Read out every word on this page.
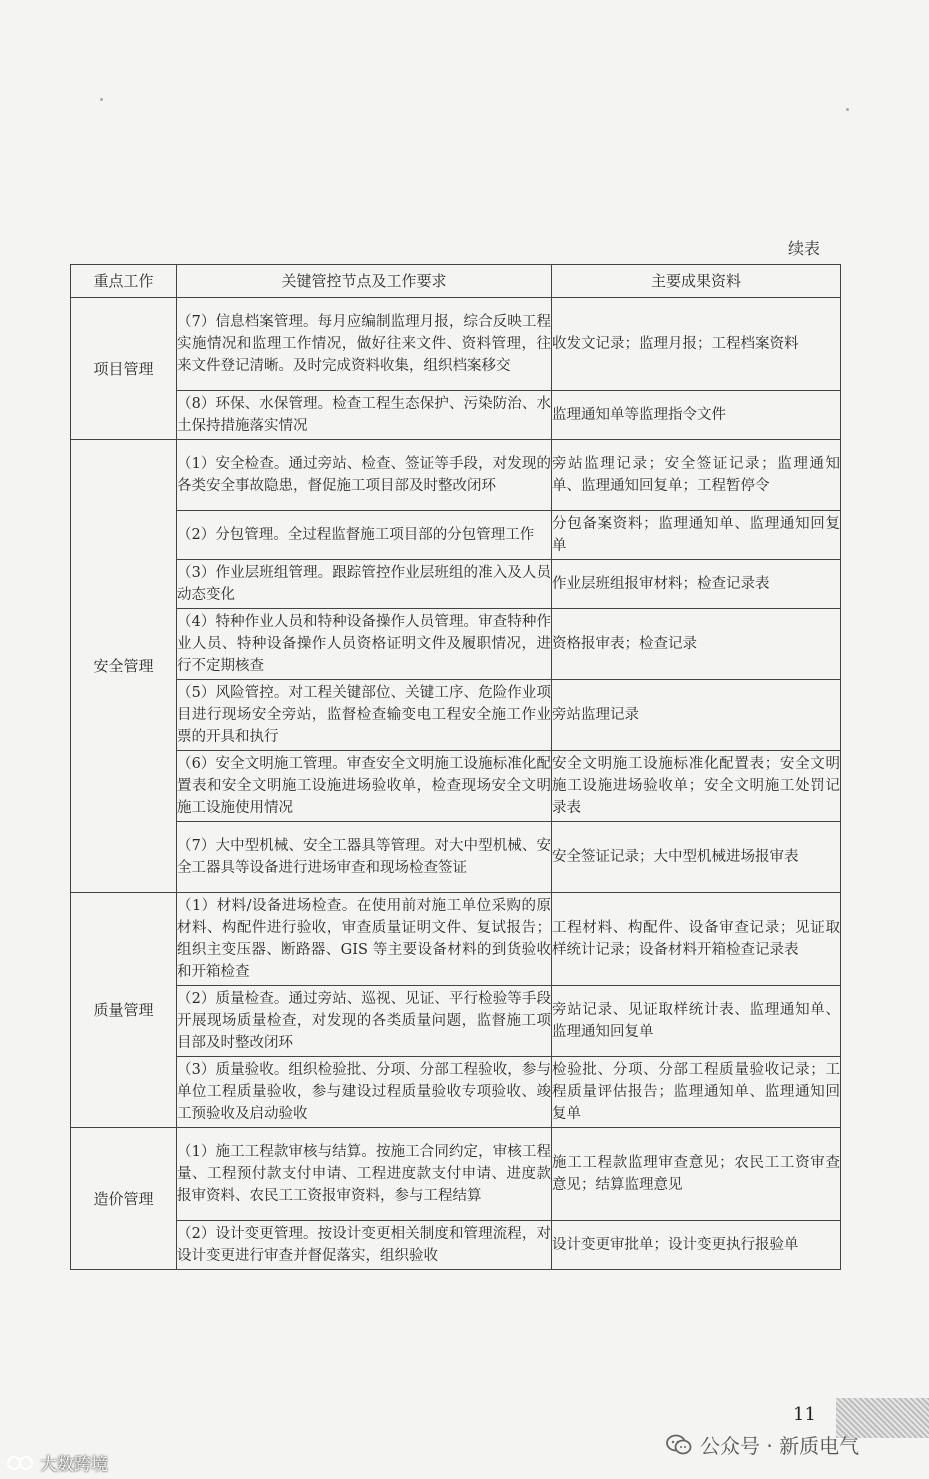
续表
重点工作	关键管控节点及工作要求	主要成果资料
项目管理	（7）信息档案管理。每月应编制监理月报，综合反映工程实施情况和监理工作情况，做好往来文件、资料管理，往来文件登记清晰。及时完成资料收集，组织档案移交	收发文记录；监理月报；工程档案资料
	（8）环保、水保管理。检查工程生态保护、污染防治、水土保持措施落实情况	监理通知单等监理指令文件
安全管理	（1）安全检查。通过旁站、检查、签证等手段，对发现的各类安全事故隐患，督促施工项目部及时整改闭环	旁站监理记录；安全签证记录；监理通知单、监理通知回复单；工程暂停令
	（2）分包管理。全过程监督施工项目部的分包管理工作	分包备案资料；监理通知单、监理通知回复单
	（3）作业层班组管理。跟踪管控作业层班组的准入及人员动态变化	作业层班组报审材料；检查记录表
	（4）特种作业人员和特种设备操作人员管理。审查特种作业人员、特种设备操作人员资格证明文件及履职情况，进行不定期核查	资格报审表；检查记录
	（5）风险管控。对工程关键部位、关键工序、危险作业项目进行现场安全旁站，监督检查输变电工程安全施工作业票的开具和执行	旁站监理记录
	（6）安全文明施工管理。审查安全文明施工设施标准化配置表和安全文明施工设施进场验收单，检查现场安全文明施工设施使用情况	安全文明施工设施标准化配置表；安全文明施工设施进场验收单；安全文明施工处罚记录表
	（7）大中型机械、安全工器具等管理。对大中型机械、安全工器具等设备进行进场审查和现场检查签证	安全签证记录；大中型机械进场报审表
质量管理	（1）材料/设备进场检查。在使用前对施工单位采购的原材料、构配件进行验收，审查质量证明文件、复试报告；组织主变压器、断路器、GIS 等主要设备材料的到货验收和开箱检查	工程材料、构配件、设备审查记录；见证取样统计记录；设备材料开箱检查记录表
	（2）质量检查。通过旁站、巡视、见证、平行检验等手段开展现场质量检查，对发现的各类质量问题，监督施工项目部及时整改闭环	旁站记录、见证取样统计表、监理通知单、监理通知回复单
	（3）质量验收。组织检验批、分项、分部工程验收，参与单位工程质量验收，参与建设过程质量验收专项验收、竣工预验收及启动验收	检验批、分项、分部工程质量验收记录；工程质量评估报告；监理通知单、监理通知回复单
造价管理	（1）施工工程款审核与结算。按施工合同约定，审核工程量、工程预付款支付申请、工程进度款支付申请、进度款报审资料、农民工工资报审资料，参与工程结算	施工工程款监理审查意见；农民工工资审查意见；结算监理意见
	（2）设计变更管理。按设计变更相关制度和管理流程，对设计变更进行审查并督促落实，组织验收	设计变更审批单；设计变更执行报验单
11
公众号 · 新质电气
大数跨境
